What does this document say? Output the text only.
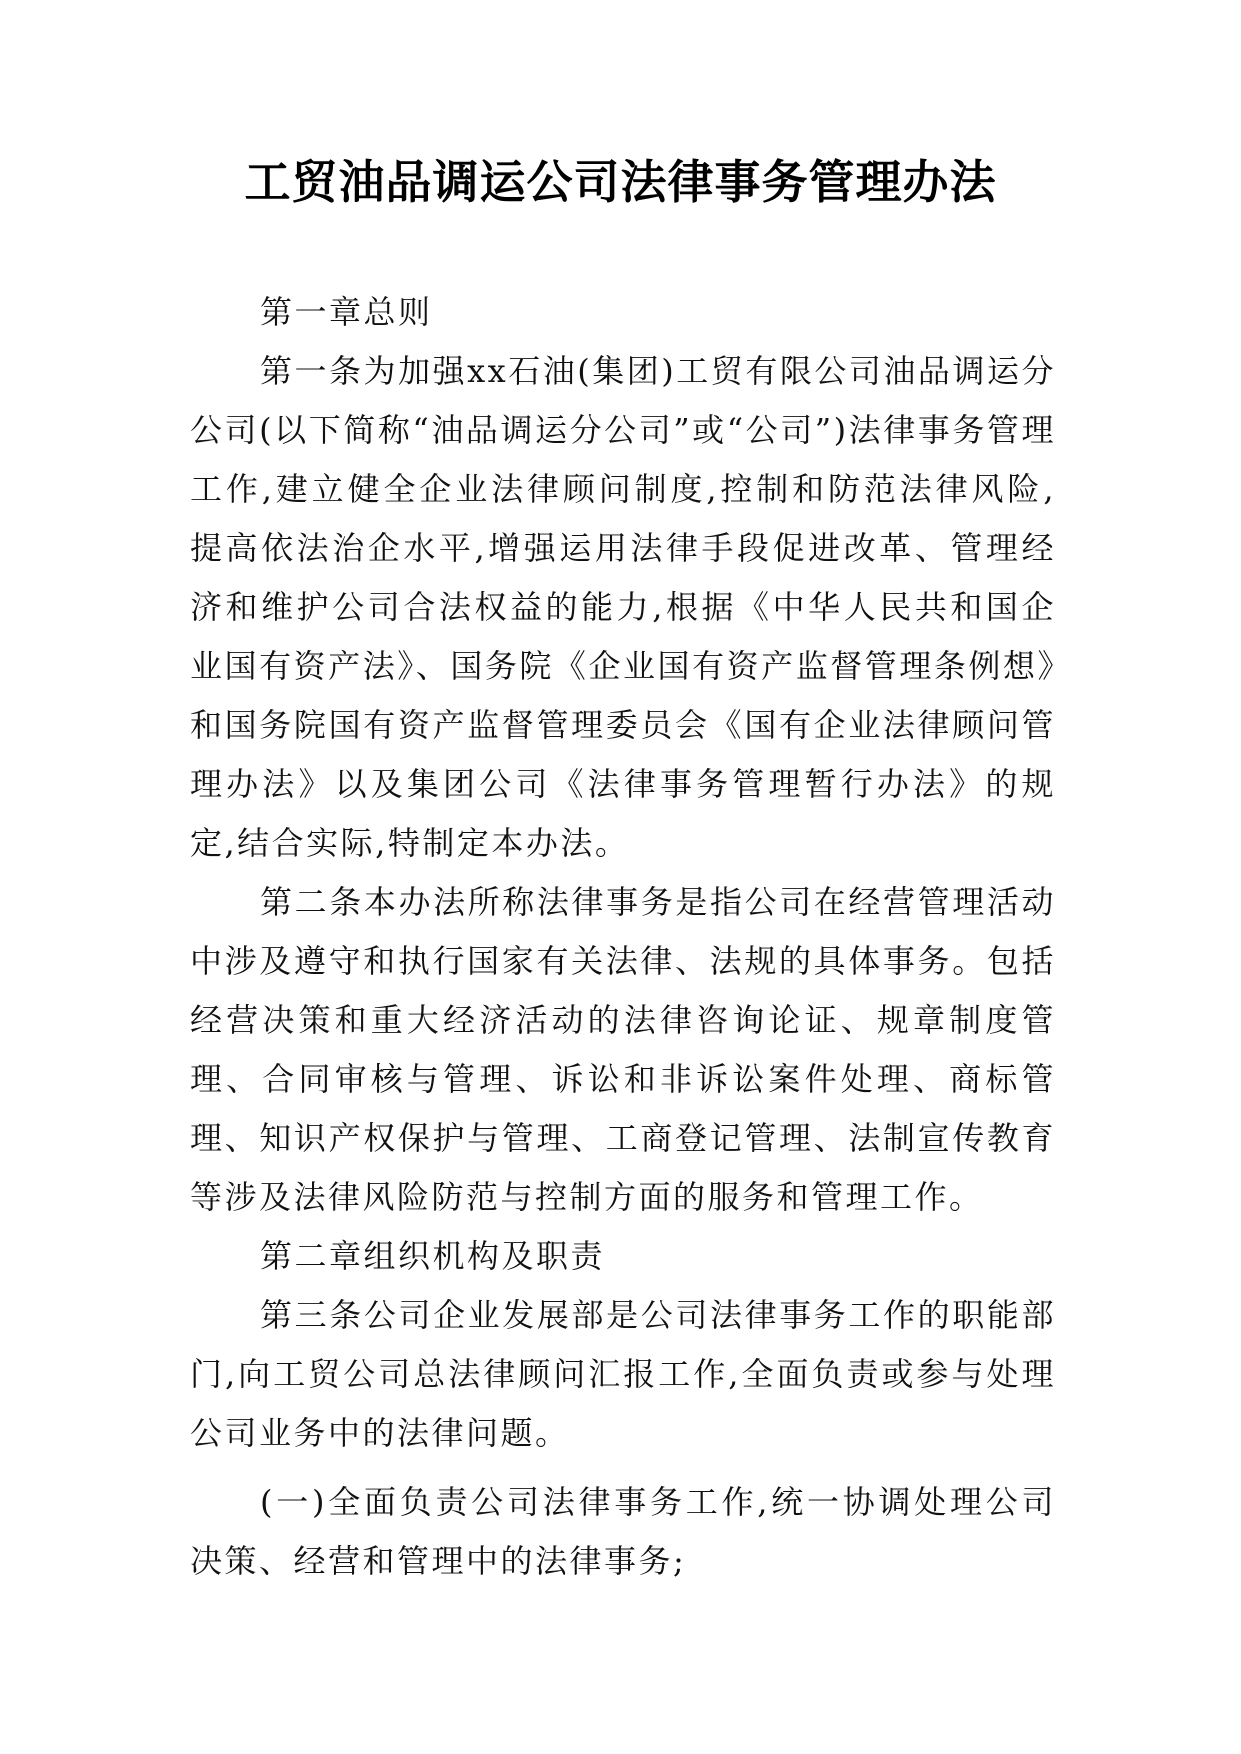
工贸油品调运公司法律事务管理办法

第一章总则

第一条为加强xx石油(集团)工贸有限公司油品调运分公司(以下简称“油品调运分公司”或“公司”)法律事务管理工作,建立健全企业法律顾问制度,控制和防范法律风险,提高依法治企水平,增强运用法律手段促进改革、管理经济和维护公司合法权益的能力,根据《中华人民共和国企业国有资产法》、国务院《企业国有资产监督管理条例想》和国务院国有资产监督管理委员会《国有企业法律顾问管理办法》以及集团公司《法律事务管理暂行办法》的规定,结合实际,特制定本办法。

第二条本办法所称法律事务是指公司在经营管理活动中涉及遵守和执行国家有关法律、法规的具体事务。包括经营决策和重大经济活动的法律咨询论证、规章制度管理、合同审核与管理、诉讼和非诉讼案件处理、商标管理、知识产权保护与管理、工商登记管理、法制宣传教育等涉及法律风险防范与控制方面的服务和管理工作。

第二章组织机构及职责

第三条公司企业发展部是公司法律事务工作的职能部门,向工贸公司总法律顾问汇报工作,全面负责或参与处理公司业务中的法律问题。

(一)全面负责公司法律事务工作,统一协调处理公司决策、经营和管理中的法律事务;
